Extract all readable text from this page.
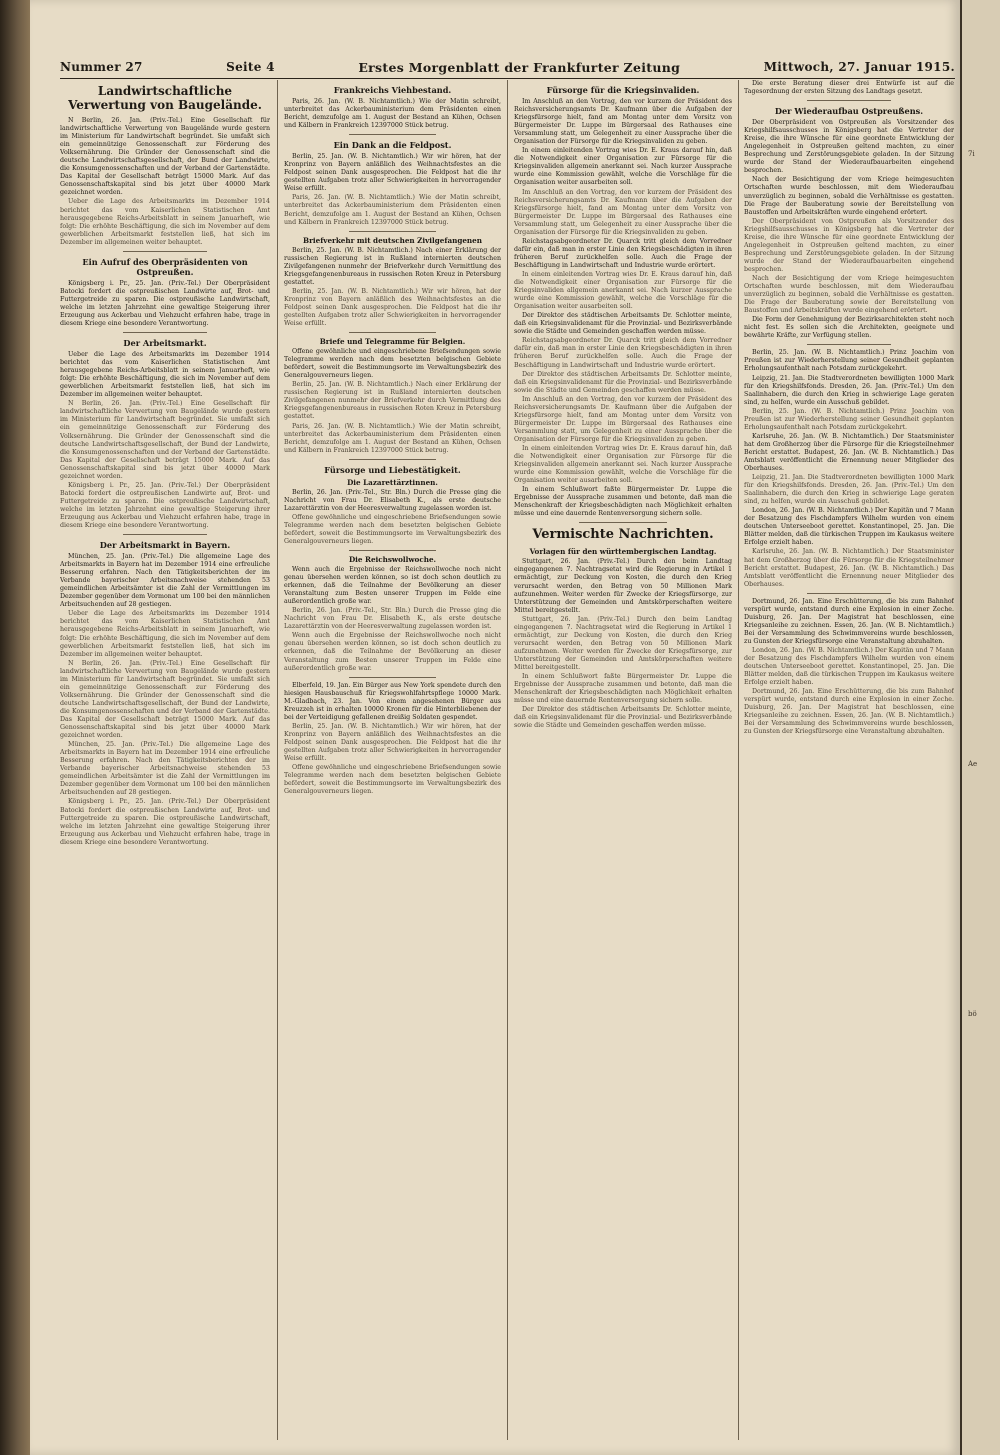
7i
Ae
bö
Nummer 27	Seite 4	Erstes Morgenblatt der Frankfurter Zeitung	Mittwoch, 27. Januar 1915.
Landwirtschaftliche Verwertung von Baugelände.

N Berlin, 26. Jan. (Priv.-Tel.) Eine Gesellschaft für landwirtschaftliche Verwertung von Baugelände wurde gestern im Ministerium für Landwirtschaft begründet. Sie umfaßt sich ein gemeinnützige Genossenschaft zur Förderung des Volksernährung. Die Gründer der Genossenschaft sind die deutsche Landwirtschaftsgesellschaft, der Bund der Landwirte, die Konsumgenossenschaften und der Verband der Gartenstädte. Das Kapital der Gesellschaft beträgt 15000 Mark. Auf das Genossenschaftskapital sind bis jetzt über 40000 Mark gezeichnet worden.

Ueber die Lage des Arbeitsmarkts im Dezember 1914 berichtet das vom Kaiserlichen Statistischen Amt herausgegebene Reichs-Arbeitsblatt in seinem Januarheft, wie folgt: Die erhöhte Beschäftigung, die sich im November auf dem gewerblichen Arbeitsmarkt feststellen ließ, hat sich im Dezember im allgemeinen weiter behauptet.

Ein Aufruf des Oberpräsidenten von Ostpreußen.

Königsberg i. Pr., 25. Jan. (Priv.-Tel.) Der Oberpräsident Batocki fordert die ostpreußischen Landwirte auf, Brot- und Futtergetreide zu sparen. Die ostpreußische Landwirtschaft, welche im letzten Jahrzehnt eine gewaltige Steigerung ihrer Erzeugung aus Ackerbau und Viehzucht erfahren habe, trage in diesem Kriege eine besondere Verantwortung.

Der Arbeitsmarkt.

Ueber die Lage des Arbeitsmarkts im Dezember 1914 berichtet das vom Kaiserlichen Statistischen Amt herausgegebene Reichs-Arbeitsblatt in seinem Januarheft, wie folgt: Die erhöhte Beschäftigung, die sich im November auf dem gewerblichen Arbeitsmarkt feststellen ließ, hat sich im Dezember im allgemeinen weiter behauptet.

N Berlin, 26. Jan. (Priv.-Tel.) Eine Gesellschaft für landwirtschaftliche Verwertung von Baugelände wurde gestern im Ministerium für Landwirtschaft begründet. Sie umfaßt sich ein gemeinnützige Genossenschaft zur Förderung des Volksernährung. Die Gründer der Genossenschaft sind die deutsche Landwirtschaftsgesellschaft, der Bund der Landwirte, die Konsumgenossenschaften und der Verband der Gartenstädte. Das Kapital der Gesellschaft beträgt 15000 Mark. Auf das Genossenschaftskapital sind bis jetzt über 40000 Mark gezeichnet worden.

Königsberg i. Pr., 25. Jan. (Priv.-Tel.) Der Oberpräsident Batocki fordert die ostpreußischen Landwirte auf, Brot- und Futtergetreide zu sparen. Die ostpreußische Landwirtschaft, welche im letzten Jahrzehnt eine gewaltige Steigerung ihrer Erzeugung aus Ackerbau und Viehzucht erfahren habe, trage in diesem Kriege eine besondere Verantwortung.

Der Arbeitsmarkt in Bayern.

München, 25. Jan. (Priv.-Tel.) Die allgemeine Lage des Arbeitsmarkts in Bayern hat im Dezember 1914 eine erfreuliche Besserung erfahren. Nach den Tätigkeitsberichten der im Verbande bayerischer Arbeitsnachweise stehenden 53 gemeindlichen Arbeitsämter ist die Zahl der Vermittlungen im Dezember gegenüber dem Vormonat um 100 bei den männlichen Arbeitsuchenden auf 28 gestiegen.

Ueber die Lage des Arbeitsmarkts im Dezember 1914 berichtet das vom Kaiserlichen Statistischen Amt herausgegebene Reichs-Arbeitsblatt in seinem Januarheft, wie folgt: Die erhöhte Beschäftigung, die sich im November auf dem gewerblichen Arbeitsmarkt feststellen ließ, hat sich im Dezember im allgemeinen weiter behauptet.

N Berlin, 26. Jan. (Priv.-Tel.) Eine Gesellschaft für landwirtschaftliche Verwertung von Baugelände wurde gestern im Ministerium für Landwirtschaft begründet. Sie umfaßt sich ein gemeinnützige Genossenschaft zur Förderung des Volksernährung. Die Gründer der Genossenschaft sind die deutsche Landwirtschaftsgesellschaft, der Bund der Landwirte, die Konsumgenossenschaften und der Verband der Gartenstädte. Das Kapital der Gesellschaft beträgt 15000 Mark. Auf das Genossenschaftskapital sind bis jetzt über 40000 Mark gezeichnet worden.

München, 25. Jan. (Priv.-Tel.) Die allgemeine Lage des Arbeitsmarkts in Bayern hat im Dezember 1914 eine erfreuliche Besserung erfahren. Nach den Tätigkeitsberichten der im Verbande bayerischer Arbeitsnachweise stehenden 53 gemeindlichen Arbeitsämter ist die Zahl der Vermittlungen im Dezember gegenüber dem Vormonat um 100 bei den männlichen Arbeitsuchenden auf 28 gestiegen.

Königsberg i. Pr., 25. Jan. (Priv.-Tel.) Der Oberpräsident Batocki fordert die ostpreußischen Landwirte auf, Brot- und Futtergetreide zu sparen. Die ostpreußische Landwirtschaft, welche im letzten Jahrzehnt eine gewaltige Steigerung ihrer Erzeugung aus Ackerbau und Viehzucht erfahren habe, trage in diesem Kriege eine besondere Verantwortung.

Frankreichs Viehbestand.

Paris, 26. Jan. (W. B. Nichtamtlich.) Wie der Matin schreibt, unterbreitet das Ackerbauministerium dem Präsidenten einen Bericht, demzufolge am 1. August der Bestand an Kühen, Ochsen und Kälbern in Frankreich 12397000 Stück betrug.

Ein Dank an die Feldpost.

Berlin, 25. Jan. (W. B. Nichtamtlich.) Wir wir hören, hat der Kronprinz von Bayern anläßlich des Weihnachtsfestes an die Feldpost seinen Dank ausgesprochen. Die Feldpost hat die ihr gestellten Aufgaben trotz aller Schwierigkeiten in hervorragender Weise erfüllt.

Paris, 26. Jan. (W. B. Nichtamtlich.) Wie der Matin schreibt, unterbreitet das Ackerbauministerium dem Präsidenten einen Bericht, demzufolge am 1. August der Bestand an Kühen, Ochsen und Kälbern in Frankreich 12397000 Stück betrug.

Briefverkehr mit deutschen Zivilgefangenen

Berlin, 25. Jan. (W. B. Nichtamtlich.) Nach einer Erklärung der russischen Regierung ist in Rußland internierten deutschen Zivilgefangenen nunmehr der Briefverkehr durch Vermittlung des Kriegsgefangenenbureaus in russischen Roten Kreuz in Petersburg gestattet.

Berlin, 25. Jan. (W. B. Nichtamtlich.) Wir wir hören, hat der Kronprinz von Bayern anläßlich des Weihnachtsfestes an die Feldpost seinen Dank ausgesprochen. Die Feldpost hat die ihr gestellten Aufgaben trotz aller Schwierigkeiten in hervorragender Weise erfüllt.

Briefe und Telegramme für Belgien.

Offene gewöhnliche und eingeschriebene Briefsendungen sowie Telegramme werden nach dem besetzten belgischen Gebiete befördert, soweit die Bestimmungsorte im Verwaltungsbezirk des Generalgouverneurs liegen.

Berlin, 25. Jan. (W. B. Nichtamtlich.) Nach einer Erklärung der russischen Regierung ist in Rußland internierten deutschen Zivilgefangenen nunmehr der Briefverkehr durch Vermittlung des Kriegsgefangenenbureaus in russischen Roten Kreuz in Petersburg gestattet.

Paris, 26. Jan. (W. B. Nichtamtlich.) Wie der Matin schreibt, unterbreitet das Ackerbauministerium dem Präsidenten einen Bericht, demzufolge am 1. August der Bestand an Kühen, Ochsen und Kälbern in Frankreich 12397000 Stück betrug.

Fürsorge und Liebestätigkeit.
Die Lazarettärztinnen.

Berlin, 26. Jan. (Priv.-Tel., Str. Bln.) Durch die Presse ging die Nachricht von Frau Dr. Elisabeth K., als erste deutsche Lazarettärztin von der Heeresverwaltung zugelassen worden ist.

Offene gewöhnliche und eingeschriebene Briefsendungen sowie Telegramme werden nach dem besetzten belgischen Gebiete befördert, soweit die Bestimmungsorte im Verwaltungsbezirk des Generalgouverneurs liegen.

Die Reichswollwoche.

Wenn auch die Ergebnisse der Reichswollwoche noch nicht genau übersehen werden können, so ist doch schon deutlich zu erkennen, daß die Teilnahme der Bevölkerung an dieser Veranstaltung zum Besten unserer Truppen im Felde eine außerordentlich große war.

Berlin, 26. Jan. (Priv.-Tel., Str. Bln.) Durch die Presse ging die Nachricht von Frau Dr. Elisabeth K., als erste deutsche Lazarettärztin von der Heeresverwaltung zugelassen worden ist.

Wenn auch die Ergebnisse der Reichswollwoche noch nicht genau übersehen werden können, so ist doch schon deutlich zu erkennen, daß die Teilnahme der Bevölkerung an dieser Veranstaltung zum Besten unserer Truppen im Felde eine außerordentlich große war.

Elberfeld, 19. Jan. Ein Bürger aus New York spendete durch den hiesigen Hausbauschuß für Kriegswohlfahrtspflege 10000 Mark. M.-Gladbach, 23. Jan. Von einem angesehenen Bürger aus Kreuzzeh ist in erhalten 10000 Kronen für die Hinterbliebenen der bei der Verteidigung gefallenen dreißig Soldaten gespendet.

Berlin, 25. Jan. (W. B. Nichtamtlich.) Wir wir hören, hat der Kronprinz von Bayern anläßlich des Weihnachtsfestes an die Feldpost seinen Dank ausgesprochen. Die Feldpost hat die ihr gestellten Aufgaben trotz aller Schwierigkeiten in hervorragender Weise erfüllt.

Offene gewöhnliche und eingeschriebene Briefsendungen sowie Telegramme werden nach dem besetzten belgischen Gebiete befördert, soweit die Bestimmungsorte im Verwaltungsbezirk des Generalgouverneurs liegen.

Fürsorge für die Kriegsinvaliden.

Im Anschluß an den Vortrag, den vor kurzem der Präsident des Reichsversicherungsamts Dr. Kaufmann über die Aufgaben der Kriegsfürsorge hielt, fand am Montag unter dem Vorsitz von Bürgermeister Dr. Luppe im Bürgersaal des Rathauses eine Versammlung statt, um Gelegenheit zu einer Aussprache über die Organisation der Fürsorge für die Kriegsinvaliden zu geben.

In einem einleitenden Vortrag wies Dr. E. Kraus darauf hin, daß die Notwendigkeit einer Organisation zur Fürsorge für die Kriegsinvaliden allgemein anerkannt sei. Nach kurzer Aussprache wurde eine Kommission gewählt, welche die Vorschläge für die Organisation weiter ausarbeiten soll.

Im Anschluß an den Vortrag, den vor kurzem der Präsident des Reichsversicherungsamts Dr. Kaufmann über die Aufgaben der Kriegsfürsorge hielt, fand am Montag unter dem Vorsitz von Bürgermeister Dr. Luppe im Bürgersaal des Rathauses eine Versammlung statt, um Gelegenheit zu einer Aussprache über die Organisation der Fürsorge für die Kriegsinvaliden zu geben.

Reichstagsabgeordneter Dr. Quarck tritt gleich dem Vorredner dafür ein, daß man in erster Linie den Kriegsbeschädigten in ihren früheren Beruf zurückhelfen solle. Auch die Frage der Beschäftigung in Landwirtschaft und Industrie wurde erörtert.

In einem einleitenden Vortrag wies Dr. E. Kraus darauf hin, daß die Notwendigkeit einer Organisation zur Fürsorge für die Kriegsinvaliden allgemein anerkannt sei. Nach kurzer Aussprache wurde eine Kommission gewählt, welche die Vorschläge für die Organisation weiter ausarbeiten soll.

Der Direktor des städtischen Arbeitsamts Dr. Schlotter meinte, daß ein Kriegsinvalidenamt für die Provinzial- und Bezirksverbände sowie die Städte und Gemeinden geschaffen werden müsse.

Reichstagsabgeordneter Dr. Quarck tritt gleich dem Vorredner dafür ein, daß man in erster Linie den Kriegsbeschädigten in ihren früheren Beruf zurückhelfen solle. Auch die Frage der Beschäftigung in Landwirtschaft und Industrie wurde erörtert.

Der Direktor des städtischen Arbeitsamts Dr. Schlotter meinte, daß ein Kriegsinvalidenamt für die Provinzial- und Bezirksverbände sowie die Städte und Gemeinden geschaffen werden müsse.

Im Anschluß an den Vortrag, den vor kurzem der Präsident des Reichsversicherungsamts Dr. Kaufmann über die Aufgaben der Kriegsfürsorge hielt, fand am Montag unter dem Vorsitz von Bürgermeister Dr. Luppe im Bürgersaal des Rathauses eine Versammlung statt, um Gelegenheit zu einer Aussprache über die Organisation der Fürsorge für die Kriegsinvaliden zu geben.

In einem einleitenden Vortrag wies Dr. E. Kraus darauf hin, daß die Notwendigkeit einer Organisation zur Fürsorge für die Kriegsinvaliden allgemein anerkannt sei. Nach kurzer Aussprache wurde eine Kommission gewählt, welche die Vorschläge für die Organisation weiter ausarbeiten soll.

In einem Schlußwort faßte Bürgermeister Dr. Luppe die Ergebnisse der Aussprache zusammen und betonte, daß man die Menschenkraft der Kriegsbeschädigten nach Möglichkeit erhalten müsse und eine dauernde Rentenversorgung sichern solle.

Vermischte Nachrichten.
Vorlagen für den württembergischen Landtag.

Stuttgart, 26. Jan. (Priv.-Tel.) Durch den beim Landtag eingegangenen 7. Nachtragsetat wird die Regierung in Artikel 1 ermächtigt, zur Deckung von Kosten, die durch den Krieg verursacht werden, den Betrag von 50 Millionen Mark aufzunehmen. Weiter werden für Zwecke der Kriegsfürsorge, zur Unterstützung der Gemeinden und Amtskörperschaften weitere Mittel bereitgestellt.

Stuttgart, 26. Jan. (Priv.-Tel.) Durch den beim Landtag eingegangenen 7. Nachtragsetat wird die Regierung in Artikel 1 ermächtigt, zur Deckung von Kosten, die durch den Krieg verursacht werden, den Betrag von 50 Millionen Mark aufzunehmen. Weiter werden für Zwecke der Kriegsfürsorge, zur Unterstützung der Gemeinden und Amtskörperschaften weitere Mittel bereitgestellt.

In einem Schlußwort faßte Bürgermeister Dr. Luppe die Ergebnisse der Aussprache zusammen und betonte, daß man die Menschenkraft der Kriegsbeschädigten nach Möglichkeit erhalten müsse und eine dauernde Rentenversorgung sichern solle.

Der Direktor des städtischen Arbeitsamts Dr. Schlotter meinte, daß ein Kriegsinvalidenamt für die Provinzial- und Bezirksverbände sowie die Städte und Gemeinden geschaffen werden müsse.

Die erste Beratung dieser drei Entwürfe ist auf die Tagesordnung der ersten Sitzung des Landtags gesetzt.

Der Wiederaufbau Ostpreußens.

Der Oberpräsident von Ostpreußen als Vorsitzender des Kriegshilfsausschusses in Königsberg hat die Vertreter der Kreise, die ihre Wünsche für eine geordnete Entwicklung der Angelegenheit in Ostpreußen geltend machten, zu einer Besprechung und Zerstörungsgebiete geladen. In der Sitzung wurde der Stand der Wiederaufbauarbeiten eingehend besprochen.

Nach der Besichtigung der vom Kriege heimgesuchten Ortschaften wurde beschlossen, mit dem Wiederaufbau unverzüglich zu beginnen, sobald die Verhältnisse es gestatten. Die Frage der Bauberatung sowie der Bereitstellung von Baustoffen und Arbeitskräften wurde eingehend erörtert.

Der Oberpräsident von Ostpreußen als Vorsitzender des Kriegshilfsausschusses in Königsberg hat die Vertreter der Kreise, die ihre Wünsche für eine geordnete Entwicklung der Angelegenheit in Ostpreußen geltend machten, zu einer Besprechung und Zerstörungsgebiete geladen. In der Sitzung wurde der Stand der Wiederaufbauarbeiten eingehend besprochen.

Nach der Besichtigung der vom Kriege heimgesuchten Ortschaften wurde beschlossen, mit dem Wiederaufbau unverzüglich zu beginnen, sobald die Verhältnisse es gestatten. Die Frage der Bauberatung sowie der Bereitstellung von Baustoffen und Arbeitskräften wurde eingehend erörtert.

Die Form der Genehmigung der Bezirksarchitekten steht noch nicht fest. Es sollen sich die Architekten, geeignete und bewährte Kräfte, zur Verfügung stellen.

Berlin, 25. Jan. (W. B. Nichtamtlich.) Prinz Joachim von Preußen ist zur Wiederherstellung seiner Gesundheit geplanten Erholungsaufenthalt nach Potsdam zurückgekehrt.

Leipzig, 21. Jan. Die Stadtverordneten bewilligten 1000 Mark für den Kriegshilfsfonds. Dresden, 26. Jan. (Priv.-Tel.) Um den Saalinhabern, die durch den Krieg in schwierige Lage geraten sind, zu helfen, wurde ein Ausschuß gebildet.

Berlin, 25. Jan. (W. B. Nichtamtlich.) Prinz Joachim von Preußen ist zur Wiederherstellung seiner Gesundheit geplanten Erholungsaufenthalt nach Potsdam zurückgekehrt.

Karlsruhe, 26. Jan. (W. B. Nichtamtlich.) Der Staatsminister hat dem Großherzog über die Fürsorge für die Kriegsteilnehmer Bericht erstattet. Budapest, 26. Jan. (W. B. Nichtamtlich.) Das Amtsblatt veröffentlicht die Ernennung neuer Mitglieder des Oberhauses.

Leipzig, 21. Jan. Die Stadtverordneten bewilligten 1000 Mark für den Kriegshilfsfonds. Dresden, 26. Jan. (Priv.-Tel.) Um den Saalinhabern, die durch den Krieg in schwierige Lage geraten sind, zu helfen, wurde ein Ausschuß gebildet.

London, 26. Jan. (W. B. Nichtamtlich.) Der Kapitän und 7 Mann der Besatzung des Fischdampfers Wilhelm wurden von einem deutschen Unterseeboot gerettet. Konstantinopel, 25. Jan. Die Blätter melden, daß die türkischen Truppen im Kaukasus weitere Erfolge erzielt haben.

Karlsruhe, 26. Jan. (W. B. Nichtamtlich.) Der Staatsminister hat dem Großherzog über die Fürsorge für die Kriegsteilnehmer Bericht erstattet. Budapest, 26. Jan. (W. B. Nichtamtlich.) Das Amtsblatt veröffentlicht die Ernennung neuer Mitglieder des Oberhauses.

Dortmund, 26. Jan. Eine Erschütterung, die bis zum Bahnhof verspürt wurde, entstand durch eine Explosion in einer Zeche. Duisburg, 26. Jan. Der Magistrat hat beschlossen, eine Kriegsanleihe zu zeichnen. Essen, 26. Jan. (W. B. Nichtamtlich.) Bei der Versammlung des Schwimmvereins wurde beschlossen, zu Gunsten der Kriegsfürsorge eine Veranstaltung abzuhalten.

London, 26. Jan. (W. B. Nichtamtlich.) Der Kapitän und 7 Mann der Besatzung des Fischdampfers Wilhelm wurden von einem deutschen Unterseeboot gerettet. Konstantinopel, 25. Jan. Die Blätter melden, daß die türkischen Truppen im Kaukasus weitere Erfolge erzielt haben.

Dortmund, 26. Jan. Eine Erschütterung, die bis zum Bahnhof verspürt wurde, entstand durch eine Explosion in einer Zeche. Duisburg, 26. Jan. Der Magistrat hat beschlossen, eine Kriegsanleihe zu zeichnen. Essen, 26. Jan. (W. B. Nichtamtlich.) Bei der Versammlung des Schwimmvereins wurde beschlossen, zu Gunsten der Kriegsfürsorge eine Veranstaltung abzuhalten.
